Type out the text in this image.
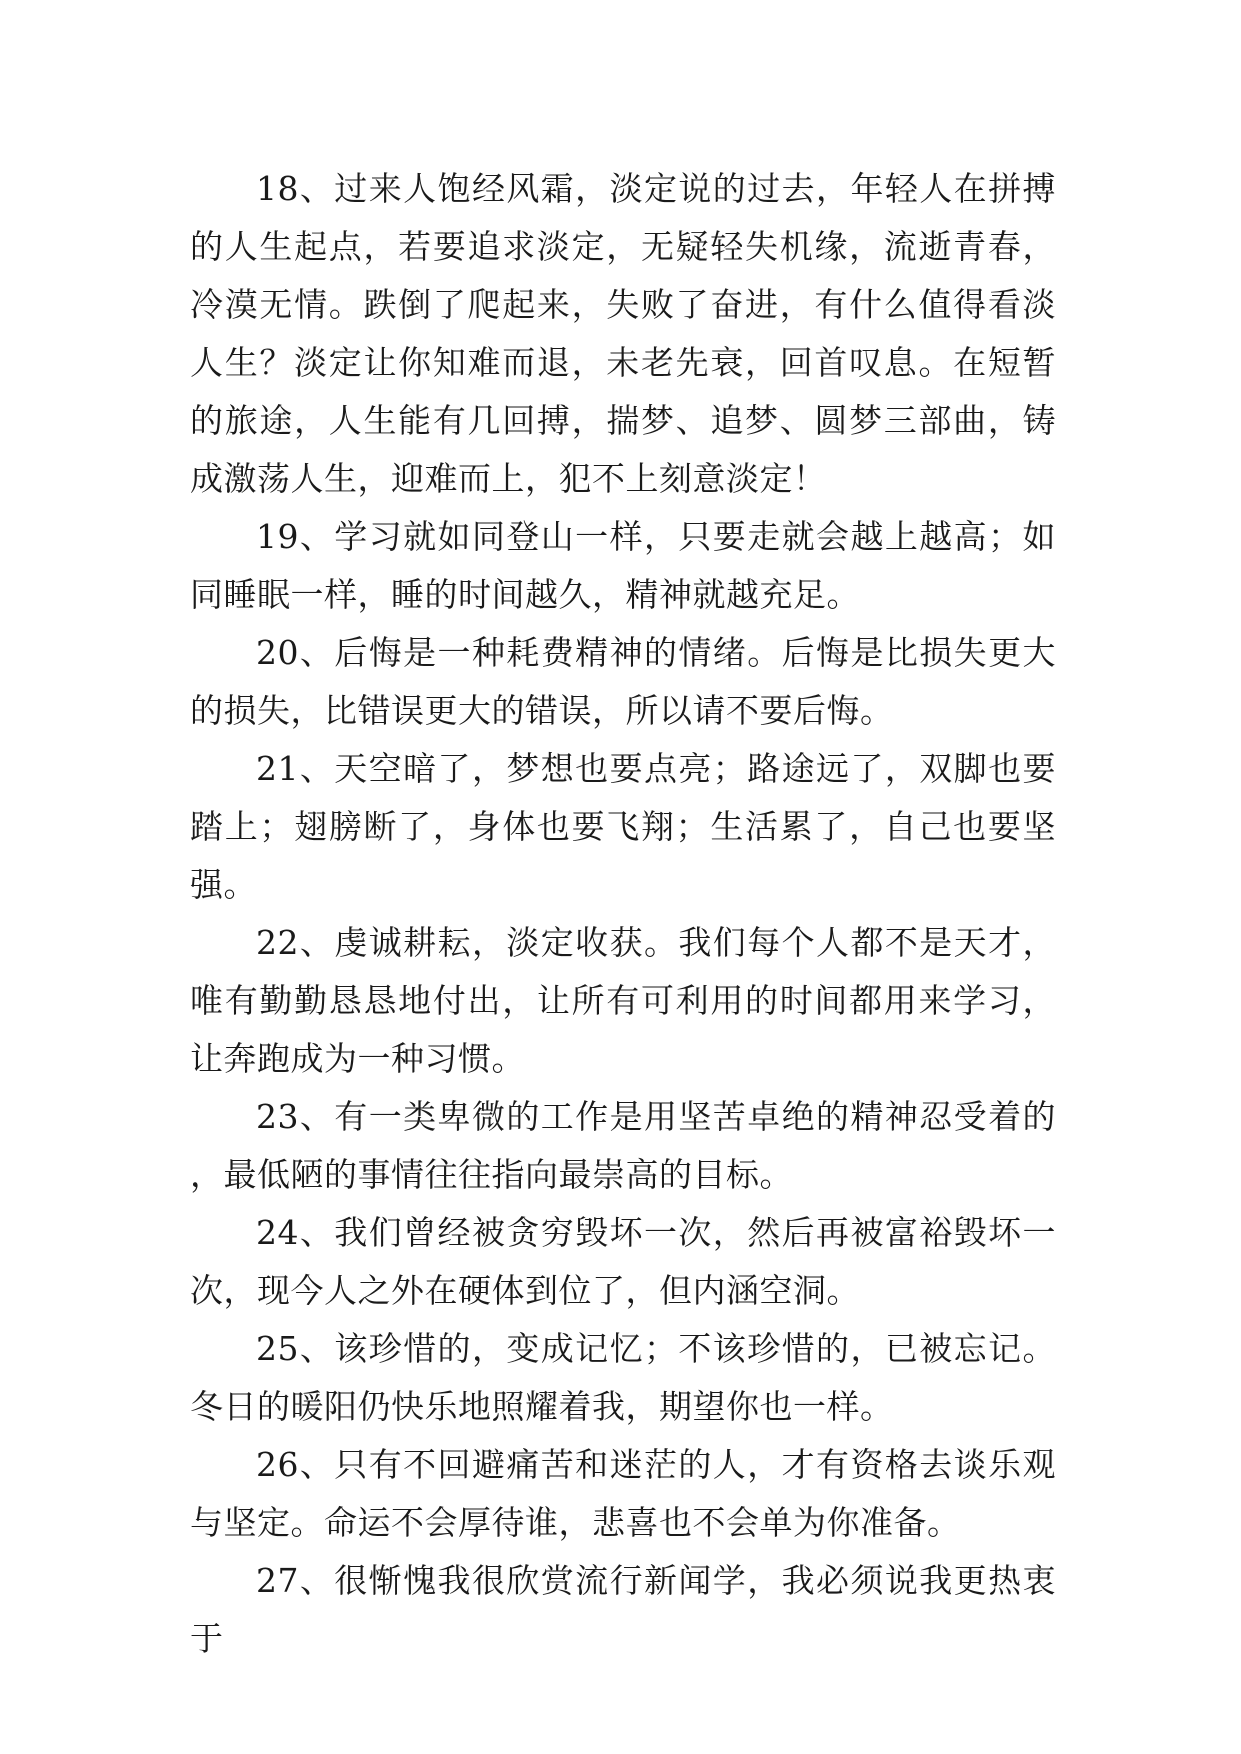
18、过来人饱经风霜，淡定说的过去，年轻人在拼搏的人生起点，若要追求淡定，无疑轻失机缘，流逝青春，冷漠无情。跌倒了爬起来，失败了奋进，有什么值得看淡人生？淡定让你知难而退，未老先衰，回首叹息。在短暂的旅途，人生能有几回搏，揣梦、追梦、圆梦三部曲，铸成激荡人生，迎难而上，犯不上刻意淡定！

19、学习就如同登山一样，只要走就会越上越高；如同睡眠一样，睡的时间越久，精神就越充足。

20、后悔是一种耗费精神的情绪。后悔是比损失更大的损失，比错误更大的错误，所以请不要后悔。

21、天空暗了，梦想也要点亮；路途远了，双脚也要踏上；翅膀断了，身体也要飞翔；生活累了，自己也要坚强。

22、虔诚耕耘，淡定收获。我们每个人都不是天才，唯有勤勤恳恳地付出，让所有可利用的时间都用来学习，让奔跑成为一种习惯。

23、有一类卑微的工作是用坚苦卓绝的精神忍受着的，最低陋的事情往往指向最崇高的目标。

24、我们曾经被贪穷毁坏一次，然后再被富裕毁坏一次，现今人之外在硬体到位了，但内涵空洞。

25、该珍惜的，变成记忆；不该珍惜的，已被忘记。冬日的暖阳仍快乐地照耀着我，期望你也一样。

26、只有不回避痛苦和迷茫的人，才有资格去谈乐观与坚定。命运不会厚待谁，悲喜也不会单为你准备。

27、很惭愧我很欣赏流行新闻学，我必须说我更热衷于
